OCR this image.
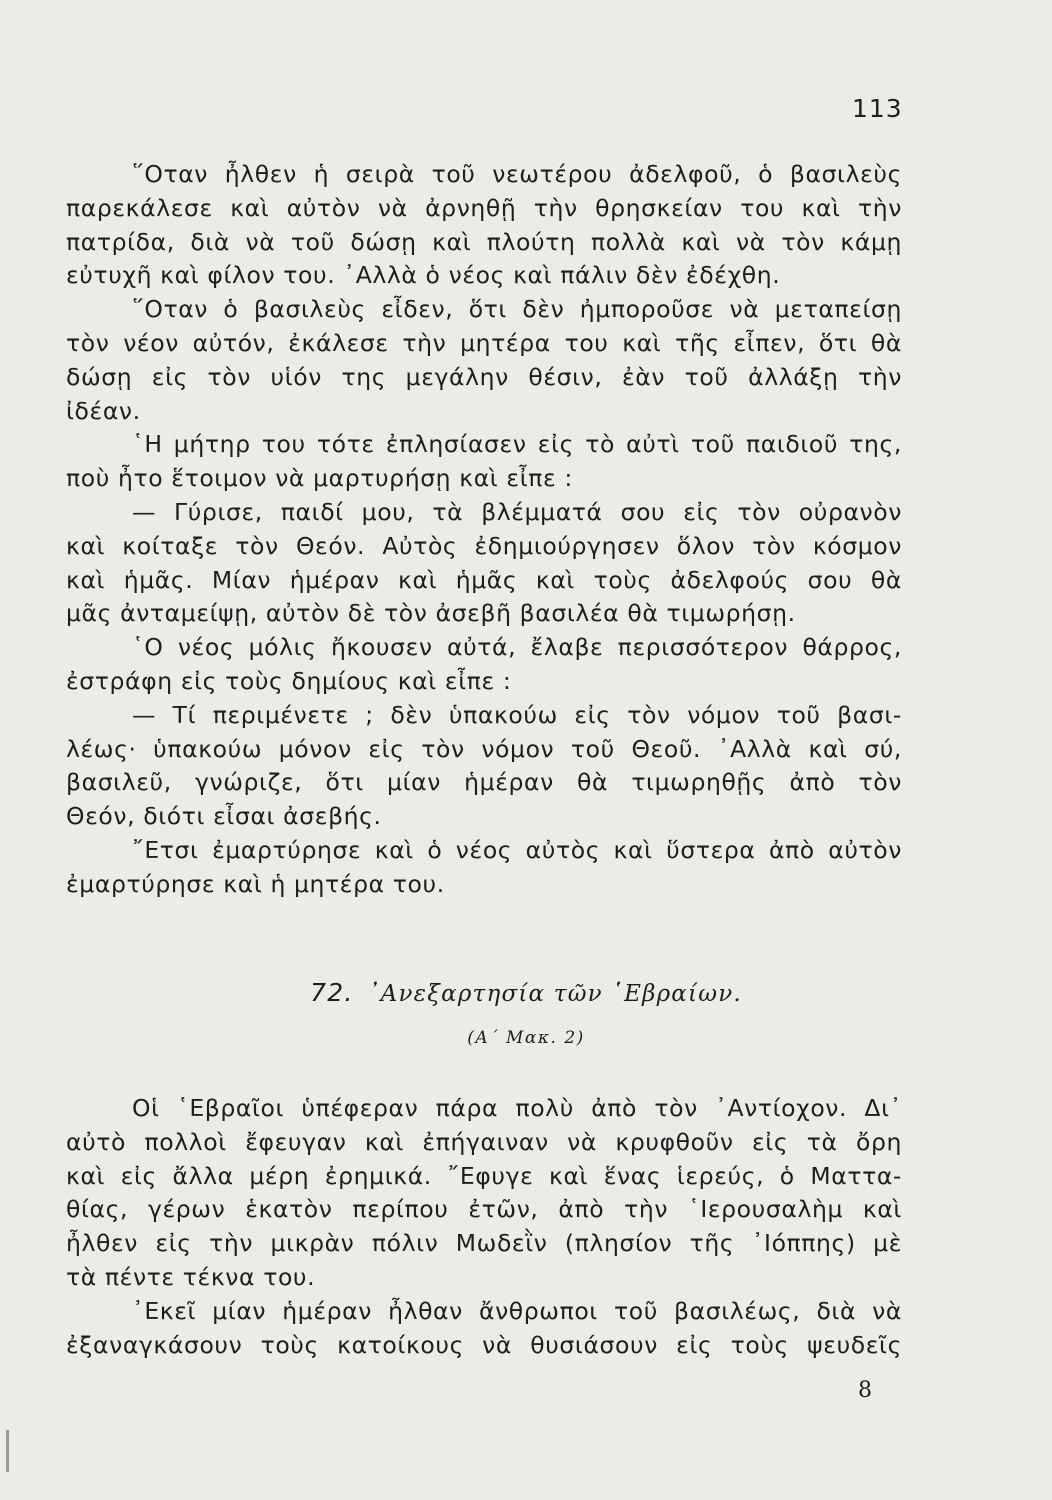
113
῞Οταν ἦλθεν ἡ σειρὰ τοῦ νεωτέρου ἀδελφοῦ, ὁ βασιλεὺς
παρεκάλεσε καὶ αὐτὸν νὰ ἀρνηθῇ τὴν θρησκείαν του καὶ τὴν
πατρίδα, διὰ νὰ τοῦ δώσῃ καὶ πλούτη πολλὰ καὶ νὰ τὸν κάμῃ
εὐτυχῆ καὶ φίλον του. ᾿Αλλὰ ὁ νέος καὶ πάλιν δὲν ἐδέχθη.
῞Οταν ὁ βασιλεὺς εἶδεν, ὅτι δὲν ἠμποροῦσε νὰ μεταπείσῃ
τὸν νέον αὐτόν, ἐκάλεσε τὴν μητέρα του καὶ τῆς εἶπεν, ὅτι θὰ
δώσῃ εἰς τὸν υἱόν της μεγάλην θέσιν, ἐὰν τοῦ ἀλλάξῃ τὴν
ἰδέαν.
῾Η μήτηρ του τότε ἐπλησίασεν εἰς τὸ αὐτὶ τοῦ παιδιοῦ της,
ποὺ ἦτο ἕτοιμον νὰ μαρτυρήσῃ καὶ εἶπε :
— Γύρισε, παιδί μου, τὰ βλέμματά σου εἰς τὸν οὐρανὸν
καὶ κοίταξε τὸν Θεόν. Αὐτὸς ἐδημιούργησεν ὅλον τὸν κόσμον
καὶ ἡμᾶς. Μίαν ἡμέραν καὶ ἡμᾶς καὶ τοὺς ἀδελφούς σου θὰ
μᾶς ἀνταμείψῃ, αὐτὸν δὲ τὸν ἀσεβῆ βασιλέα θὰ τιμωρήσῃ.
῾Ο νέος μόλις ἤκουσεν αὐτά, ἔλαβε περισσότερον θάρρος,
ἐστράφη εἰς τοὺς δημίους καὶ εἶπε :
— Τί περιμένετε ; δὲν ὑπακούω εἰς τὸν νόμον τοῦ βασι-
λέως· ὑπακούω μόνον εἰς τὸν νόμον τοῦ Θεοῦ. ᾿Αλλὰ καὶ σύ,
βασιλεῦ, γνώριζε, ὅτι μίαν ἡμέραν θὰ τιμωρηθῇς ἀπὸ τὸν
Θεόν, διότι εἶσαι ἀσεβής.
῎Ετσι ἐμαρτύρησε καὶ ὁ νέος αὐτὸς καὶ ὕστερα ἀπὸ αὐτὸν
ἐμαρτύρησε καὶ ἡ μητέρα του.
72. ᾿Ανεξαρτησία τῶν ῾Εβραίων.
(Α΄ Μακ. 2)
Οἱ ῾Εβραῖοι ὑπέφεραν πάρα πολὺ ἀπὸ τὸν ᾿Αντίοχον. Δι᾿
αὐτὸ πολλοὶ ἔφευγαν καὶ ἐπήγαιναν νὰ κρυφθοῦν εἰς τὰ ὄρη
καὶ εἰς ἄλλα μέρη ἐρημικά. ῎Εφυγε καὶ ἕνας ἱερεύς, ὁ Ματτα-
θίας, γέρων ἑκατὸν περίπου ἐτῶν, ἀπὸ τὴν ῾Ιερουσαλὴμ καὶ
ἦλθεν εἰς τὴν μικρὰν πόλιν Μωδεῒν (πλησίον τῆς ᾿Ιόππης) μὲ
τὰ πέντε τέκνα του.
᾿Εκεῖ μίαν ἡμέραν ἦλθαν ἄνθρωποι τοῦ βασιλέως, διὰ νὰ
ἐξαναγκάσουν τοὺς κατοίκους νὰ θυσιάσουν εἰς τοὺς ψευδεῖς
8
